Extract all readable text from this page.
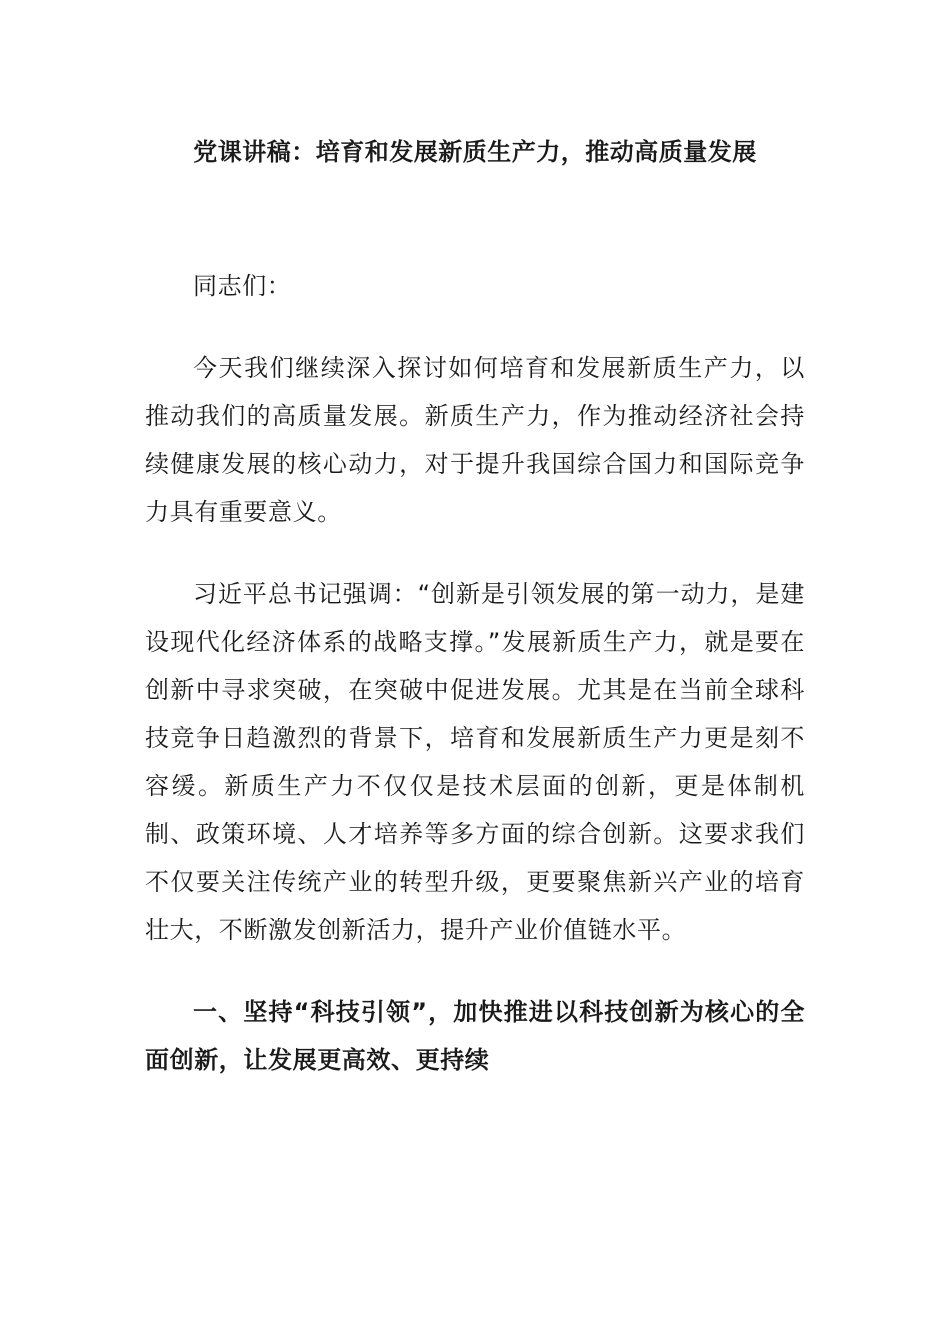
党课讲稿：培育和发展新质生产力，推动高质量发展

同志们：

今天我们继续深入探讨如何培育和发展新质生产力，以推动我们的高质量发展。新质生产力，作为推动经济社会持续健康发展的核心动力，对于提升我国综合国力和国际竞争力具有重要意义。

习近平总书记强调：“创新是引领发展的第一动力，是建设现代化经济体系的战略支撑。”发展新质生产力，就是要在创新中寻求突破，在突破中促进发展。尤其是在当前全球科技竞争日趋激烈的背景下，培育和发展新质生产力更是刻不容缓。新质生产力不仅仅是技术层面的创新，更是体制机制、政策环境、人才培养等多方面的综合创新。这要求我们不仅要关注传统产业的转型升级，更要聚焦新兴产业的培育壮大，不断激发创新活力，提升产业价值链水平。

一、坚持“科技引领”，加快推进以科技创新为核心的全面创新，让发展更高效、更持续
